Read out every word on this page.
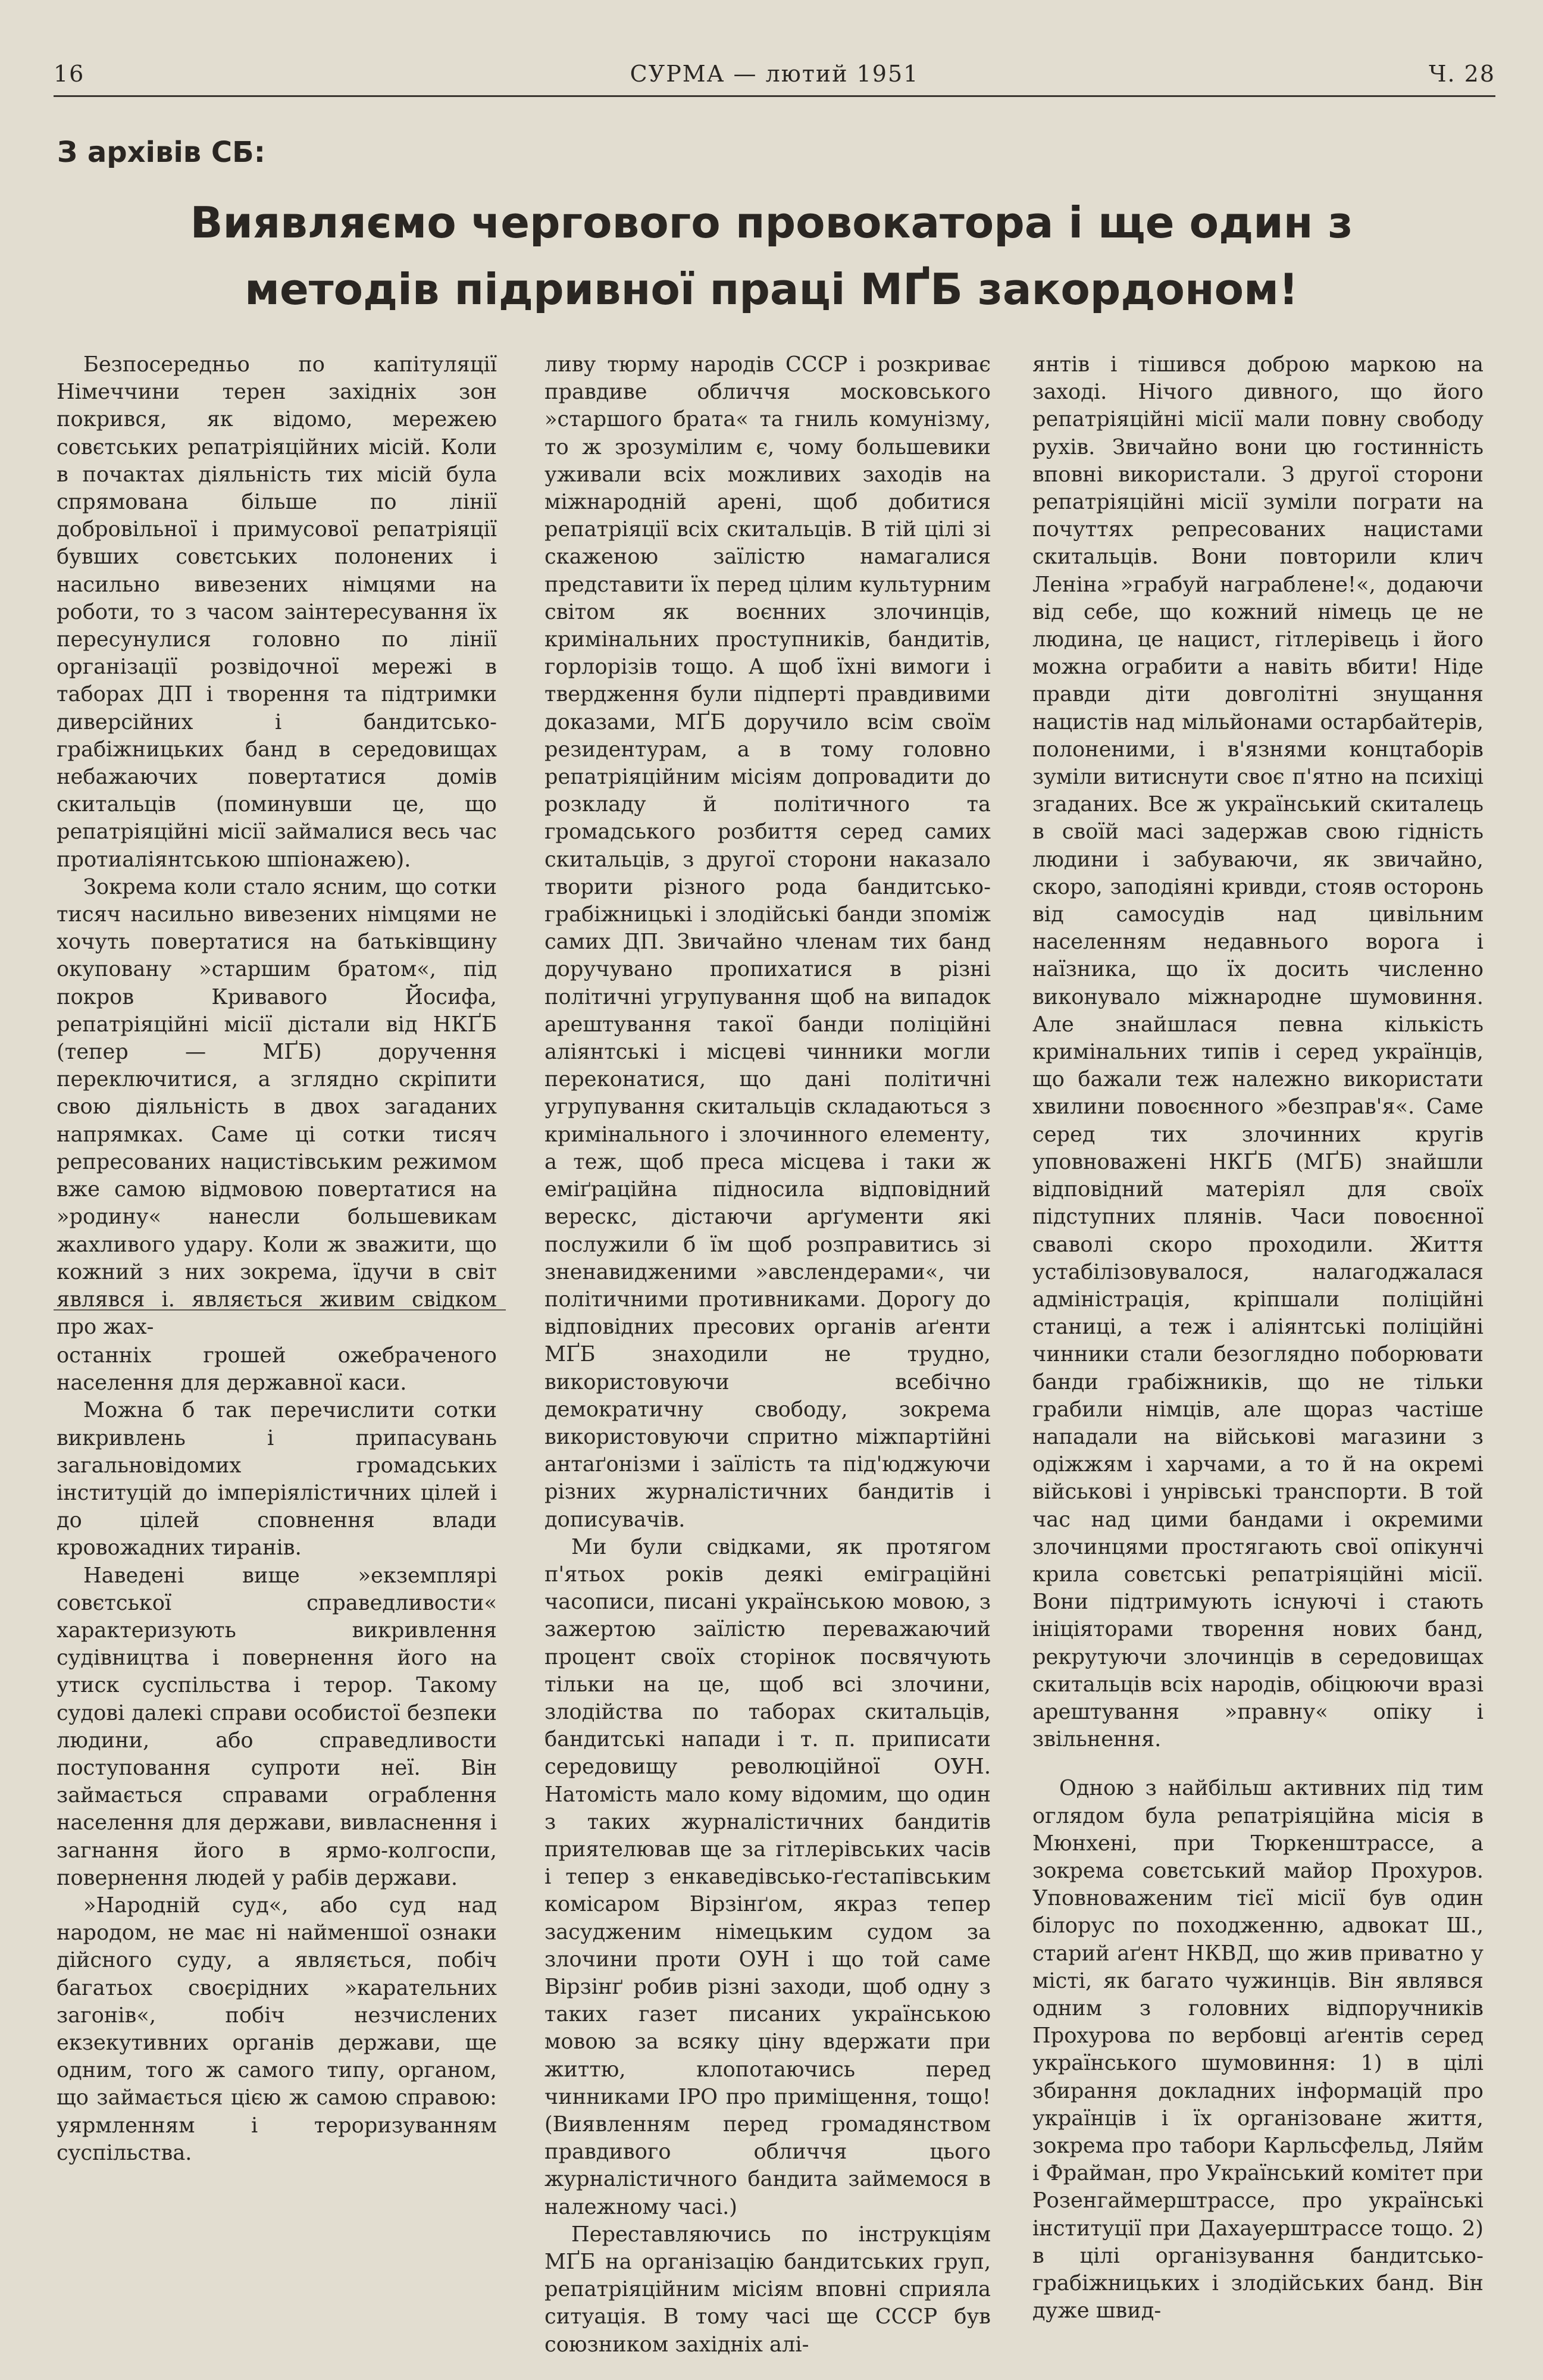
16	СУРМА — лютий 1951	Ч. 28
З архівів СБ:
Виявляємо чергового провокатора і ще один з методів підривної праці МҐБ закордоном!

Безпосередньо по капітуляції Німеччини терен західніх зон покрився, як відомо, мережею совєтських репатріяційних місій. Коли в почактах діяльність тих місій була спрямована більше по лінії добровільної і примусової репатріяції бувших совєтських полонених і насильно вивезених німцями на роботи, то з часом заінтересування їх пересунулися головно по лінії організації розвідочної мережі в таборах ДП і творення та підтримки диверсійних і бандитсько-грабіжницьких банд в середовищах небажаючих повертатися домів скитальців (поминувши це, що репатріяційні місії займалися весь час протиаліянтською шпіонажею).

Зокрема коли стало ясним, що сотки тисяч насильно вивезених німцями не хочуть повертатися на батьківщину окуповану »старшим братом«, під покров Кривавого Йосифа, репатріяційні місії дістали від НКҐБ (тепер — МҐБ) доручення переключитися, а зглядно скріпити свою діяльність в двох загаданих напрямках. Саме ці сотки тисяч репресованих нацистівським режимом вже самою відмовою повертатися на »родину« нанесли большевикам жахливого удару. Коли ж зважити, що кожний з них зокрема, їдучи в світ являвся і. являється живим свідком про жах-

останніх грошей ожебраченого населення для державної каси.

Можна б так перечислити сотки викривлень і припасувань загальновідомих громадських інституцій до імперіялістичних цілей і до цілей сповнення влади кровожадних тиранів.

Наведені вище »екземплярі совєтської справедливости« характеризують викривлення судівництва і повернення його на утиск суспільства і терор. Такому судові далекі справи особистої безпеки людини, або справедливости поступовання супроти неї. Він займається справами ограблення населення для держави, вивласнення і загнання його в ярмо-колгоспи, повернення людей у рабів держави.

»Народній суд«, або суд над народом, не має ні найменшої ознаки дійсного суду, а являється, побіч багатьох своєрідних »карательних загонів«, побіч незчислених екзекутивних органів держави, ще одним, того ж самого типу, органом, що займається цією ж самою справою: уярмленням і тероризуванням суспільства.

ливу тюрму народів СССР і розкриває правдиве обличчя московського »старшого брата« та гниль комунізму, то ж зрозумілим є, чому большевики уживали всіх можливих заходів на міжнародній арені, щоб добитися репатріяції всіх скитальців. В тій цілі зі скаженою заїлістю намагалися представити їх перед цілим культурним світом як воєнних злочинців, кримінальних проступників, бандитів, горлорізів тощо. А щоб їхні вимоги і твердження були підперті правдивими доказами, МҐБ доручило всім своїм резидентурам, а в тому головно репатріяційним місіям допровадити до розкладу й політичного та громадського розбиття серед самих скитальців, з другої сторони наказало творити різного рода бандитсько-грабіжницькі і злодійські банди зпоміж самих ДП. Звичайно членам тих банд доручувано пропихатися в різні політичні угрупування щоб на випадок арештування такої банди поліційні аліянтські і місцеві чинники могли переконатися, що дані політичні угрупування скитальців складаються з кримінального і злочинного елементу, а теж, щоб преса місцева і таки ж еміґраційна підносила відповідний верескс, дістаючи арґументи які послужили б їм щоб розправитись зі зненавидженими »авслендерами«, чи політичними противниками. Дорогу до відповідних пресових органів аґенти МҐБ знаходили не трудно, використовуючи всебічно демократичну свободу, зокрема використовуючи спритно міжпартійні антаґонізми і заїлість та під'юджуючи різних журналістичних бандитів і дописувачів.

Ми були свідками, як протягом п'ятьох років деякі еміграційні часописи, писані українською мовою, з зажертою заїлістю переважаючий процент своїх сторінок посвячують тільки на це, щоб всі злочини, злодійства по таборах скитальців, бандитські напади і т. п. приписати середовищу революційної ОУН. Натомість мало кому відомим, що один з таких журналістичних бандитів приятелював ще за гітлерівських часів і тепер з енкаведівсько-ґестапівським комісаром Вірзінґом, якраз тепер засудженим німецьким судом за злочини проти ОУН і що той саме Вірзінґ робив різні заходи, щоб одну з таких газет писаних українською мовою за всяку ціну вдержати при життю, клопотаючись перед чинниками ІРО про приміщення, тощо! (Виявленням перед громадянством правдивого обличчя цього журналістичного бандита займемося в належному часі.)

Переставляючись по інструкціям МҐБ на організацію бандитських груп, репатріяційним місіям вповні сприяла ситуація. В тому часі ще СССР був союзником західніх алі-

янтів і тішився доброю маркою на заході. Нічого дивного, що його репатріяційні місії мали повну свободу рухів. Звичайно вони цю гостинність вповні використали. З другої сторони репатріяційні місії зуміли пограти на почуттях репресованих нацистами скитальців. Вони повторили клич Леніна »грабуй награблене!«, додаючи від себе, що кожний німець це не людина, це нацист, гітлерівець і його можна ограбити а навіть вбити! Ніде правди діти довголітні знущання нацистів над мільйонами остарбайтерів, полоненими, і в'язнями концтаборів зуміли витиснути своє п'ятно на психіці згаданих. Все ж український скиталець в своїй масі задержав свою гідність людини і забуваючи, як звичайно, скоро, заподіяні кривди, стояв осторонь від самосудів над цивільним населенням недавнього ворога і наїзника, що їх досить численно виконувало міжнародне шумовиння. Але знайшлася певна кількість кримінальних типів і серед українців, що бажали теж належно використати хвилини повоєнного »безправ'я«. Саме серед тих злочинних кругів уповноважені НКҐБ (МҐБ) знайшли відповідний матеріял для своїх підступних плянів. Часи повоєнної сваволі скоро проходили. Життя устабілізовувалося, налагоджалася адміністрація, кріпшали поліційні станиці, а теж і аліянтські поліційні чинники стали безоглядно поборювати банди грабіжників, що не тільки грабили німців, але щораз частіше нападали на військові магазини з одіжжям і харчами, а то й на окремі військові і унрівські транспорти. В той час над цими бандами і окремими злочинцями простягають свої опікунчі крила совєтські репатріяційні місії. Вони підтримують існуючі і стають ініціяторами творення нових банд, рекрутуючи злочинців в середовищах скитальців всіх народів, обіцюючи вразі арештування »правну« опіку і звільнення.

Одною з найбільш активних під тим оглядом була репатріяційна місія в Мюнхені, при Тюркенштрассе, а зокрема совєтський майор Прохуров. Уповноваженим тієї місії був один білорус по походженню, адвокат Ш., старий аґент НКВД, що жив приватно у місті, як багато чужинців. Він являвся одним з головних відпоручників Прохурова по вербовці аґентів серед українського шумовиння: 1) в цілі збирання докладних інформацій про українців і їх організоване життя, зокрема про табори Карльсфельд, Ляйм і Фрайман, про Український комітет при Розенгаймерштрассе, про українські інституції при Дахауерштрассе тощо. 2) в цілі організування бандитсько-грабіжницьких і злодійських банд. Він дуже швид-
